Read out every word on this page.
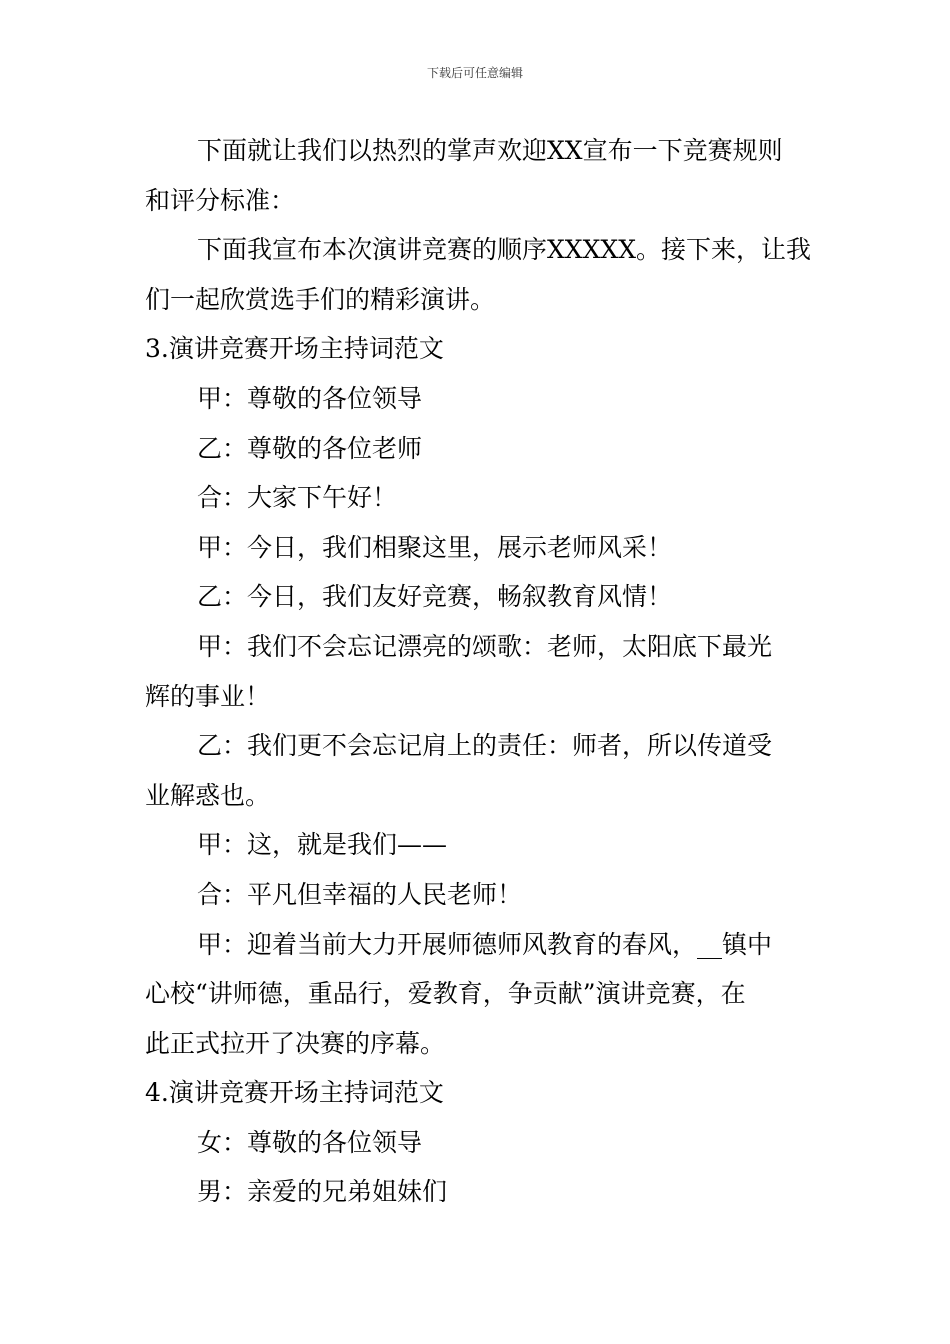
下载后可任意编辑

下面就让我们以热烈的掌声欢迎XX宣布一下竞赛规则

和评分标准：

下面我宣布本次演讲竞赛的顺序XXXXX。接下来，让我

们一起欣赏选手们的精彩演讲。

3.演讲竞赛开场主持词范文

甲：尊敬的各位领导

乙：尊敬的各位老师

合：大家下午好！

甲：今日，我们相聚这里，展示老师风采！

乙：今日，我们友好竞赛，畅叙教育风情！

甲：我们不会忘记漂亮的颂歌：老师，太阳底下最光

辉的事业！

乙：我们更不会忘记肩上的责任：师者，所以传道受

业解惑也。

甲：这，就是我们——

合：平凡但幸福的人民老师！

甲：迎着当前大力开展师德师风教育的春风，__镇中

心校“讲师德，重品行，爱教育，争贡献”演讲竞赛，在

此正式拉开了决赛的序幕。

4.演讲竞赛开场主持词范文

女：尊敬的各位领导

男：亲爱的兄弟姐妹们
